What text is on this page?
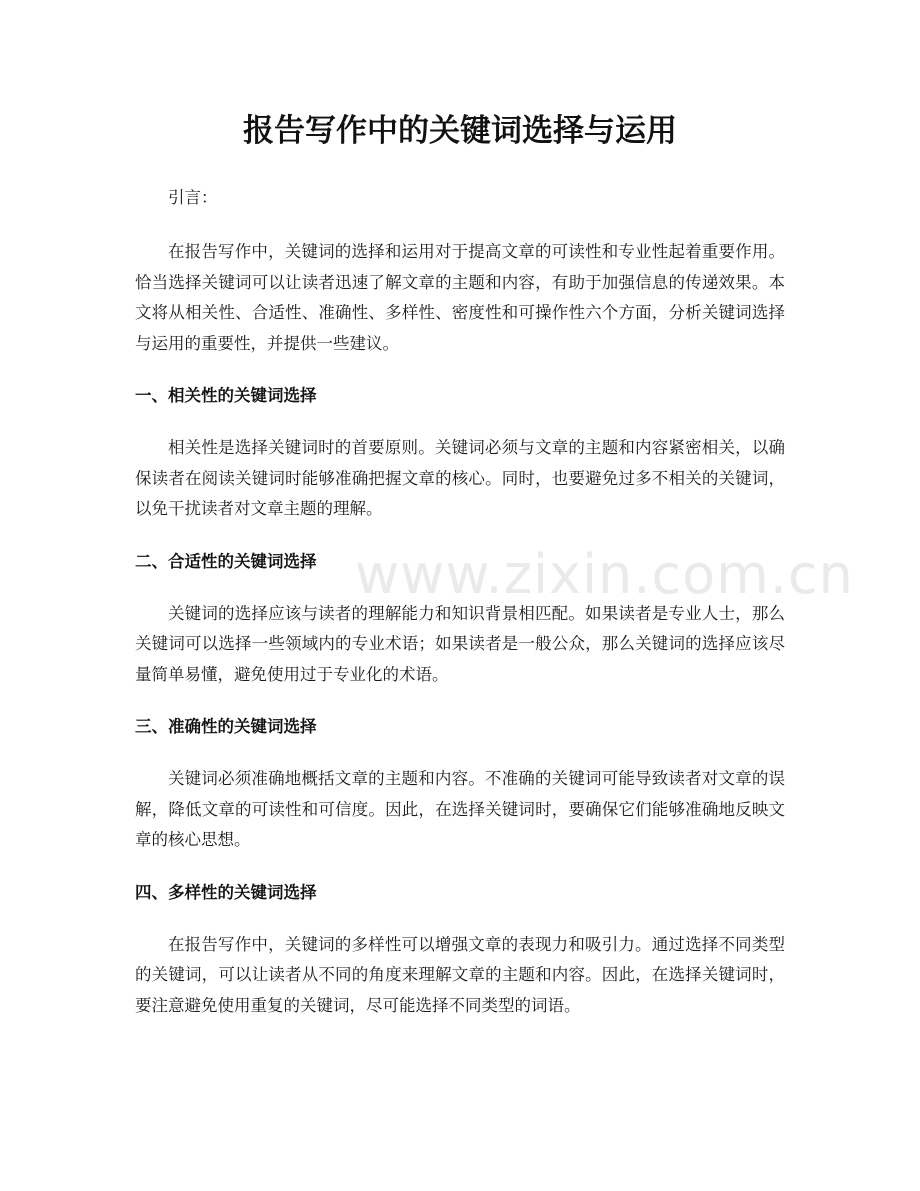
报告写作中的关键词选择与运用

引言：

在报告写作中，关键词的选择和运用对于提高文章的可读性和专业性起着重要作用。恰当选择关键词可以让读者迅速了解文章的主题和内容，有助于加强信息的传递效果。本文将从相关性、合适性、准确性、多样性、密度性和可操作性六个方面，分析关键词选择与运用的重要性，并提供一些建议。

一、相关性的关键词选择

相关性是选择关键词时的首要原则。关键词必须与文章的主题和内容紧密相关，以确保读者在阅读关键词时能够准确把握文章的核心。同时，也要避免过多不相关的关键词，以免干扰读者对文章主题的理解。

二、合适性的关键词选择

关键词的选择应该与读者的理解能力和知识背景相匹配。如果读者是专业人士，那么关键词可以选择一些领域内的专业术语；如果读者是一般公众，那么关键词的选择应该尽量简单易懂，避免使用过于专业化的术语。

三、准确性的关键词选择

关键词必须准确地概括文章的主题和内容。不准确的关键词可能导致读者对文章的误解，降低文章的可读性和可信度。因此，在选择关键词时，要确保它们能够准确地反映文章的核心思想。

四、多样性的关键词选择

在报告写作中，关键词的多样性可以增强文章的表现力和吸引力。通过选择不同类型的关键词，可以让读者从不同的角度来理解文章的主题和内容。因此，在选择关键词时，要注意避免使用重复的关键词，尽可能选择不同类型的词语。

www.zixin.com.cn
